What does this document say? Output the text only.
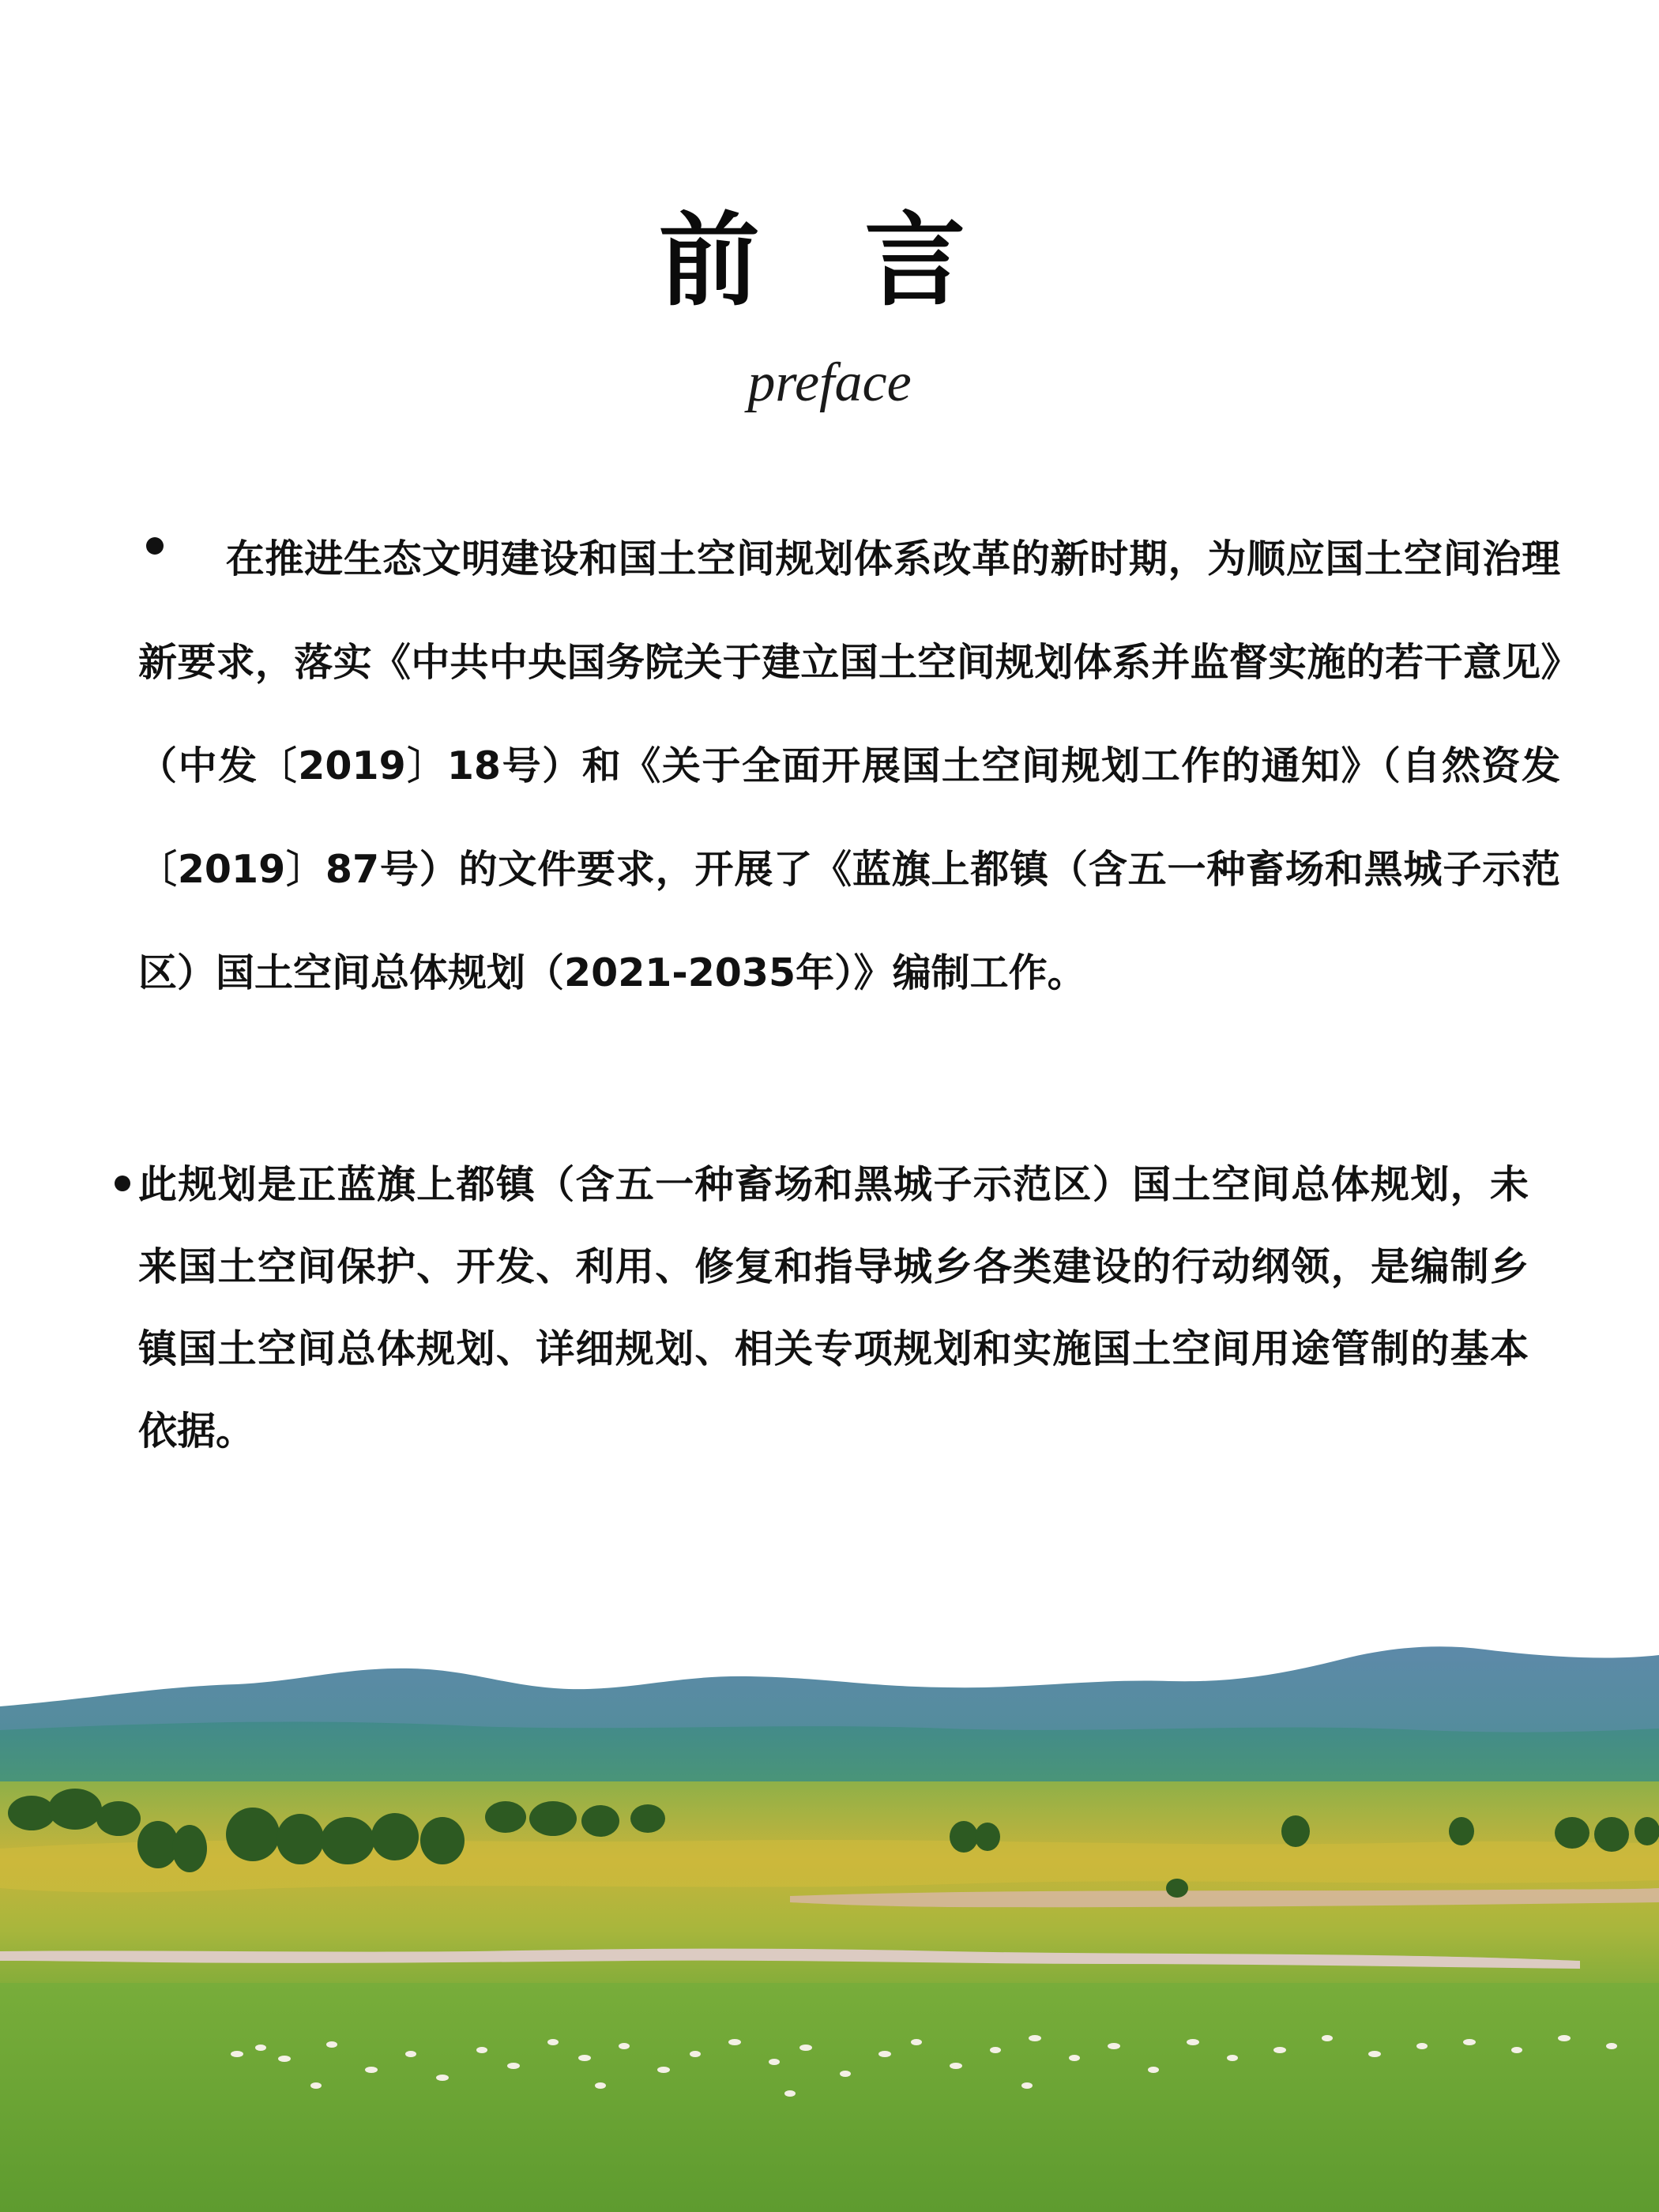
前 言
preface
在推进生态文明建设和国土空间规划体系改革的新时期，为顺应国土空间治理新要求，落实《中共中央国务院关于建立国土空间规划体系并监督实施的若干意见》（中发〔2019〕18号）和《关于全面开展国土空间规划工作的通知》（自然资发〔2019〕87号）的文件要求，开展了《蓝旗上都镇（含五一种畜场和黑城子示范区）国土空间总体规划（2021-2035年）》编制工作。
此规划是正蓝旗上都镇（含五一种畜场和黑城子示范区）国土空间总体规划，未来国土空间保护、开发、利用、修复和指导城乡各类建设的行动纲领，是编制乡镇国土空间总体规划、详细规划、相关专项规划和实施国土空间用途管制的基本依据。
